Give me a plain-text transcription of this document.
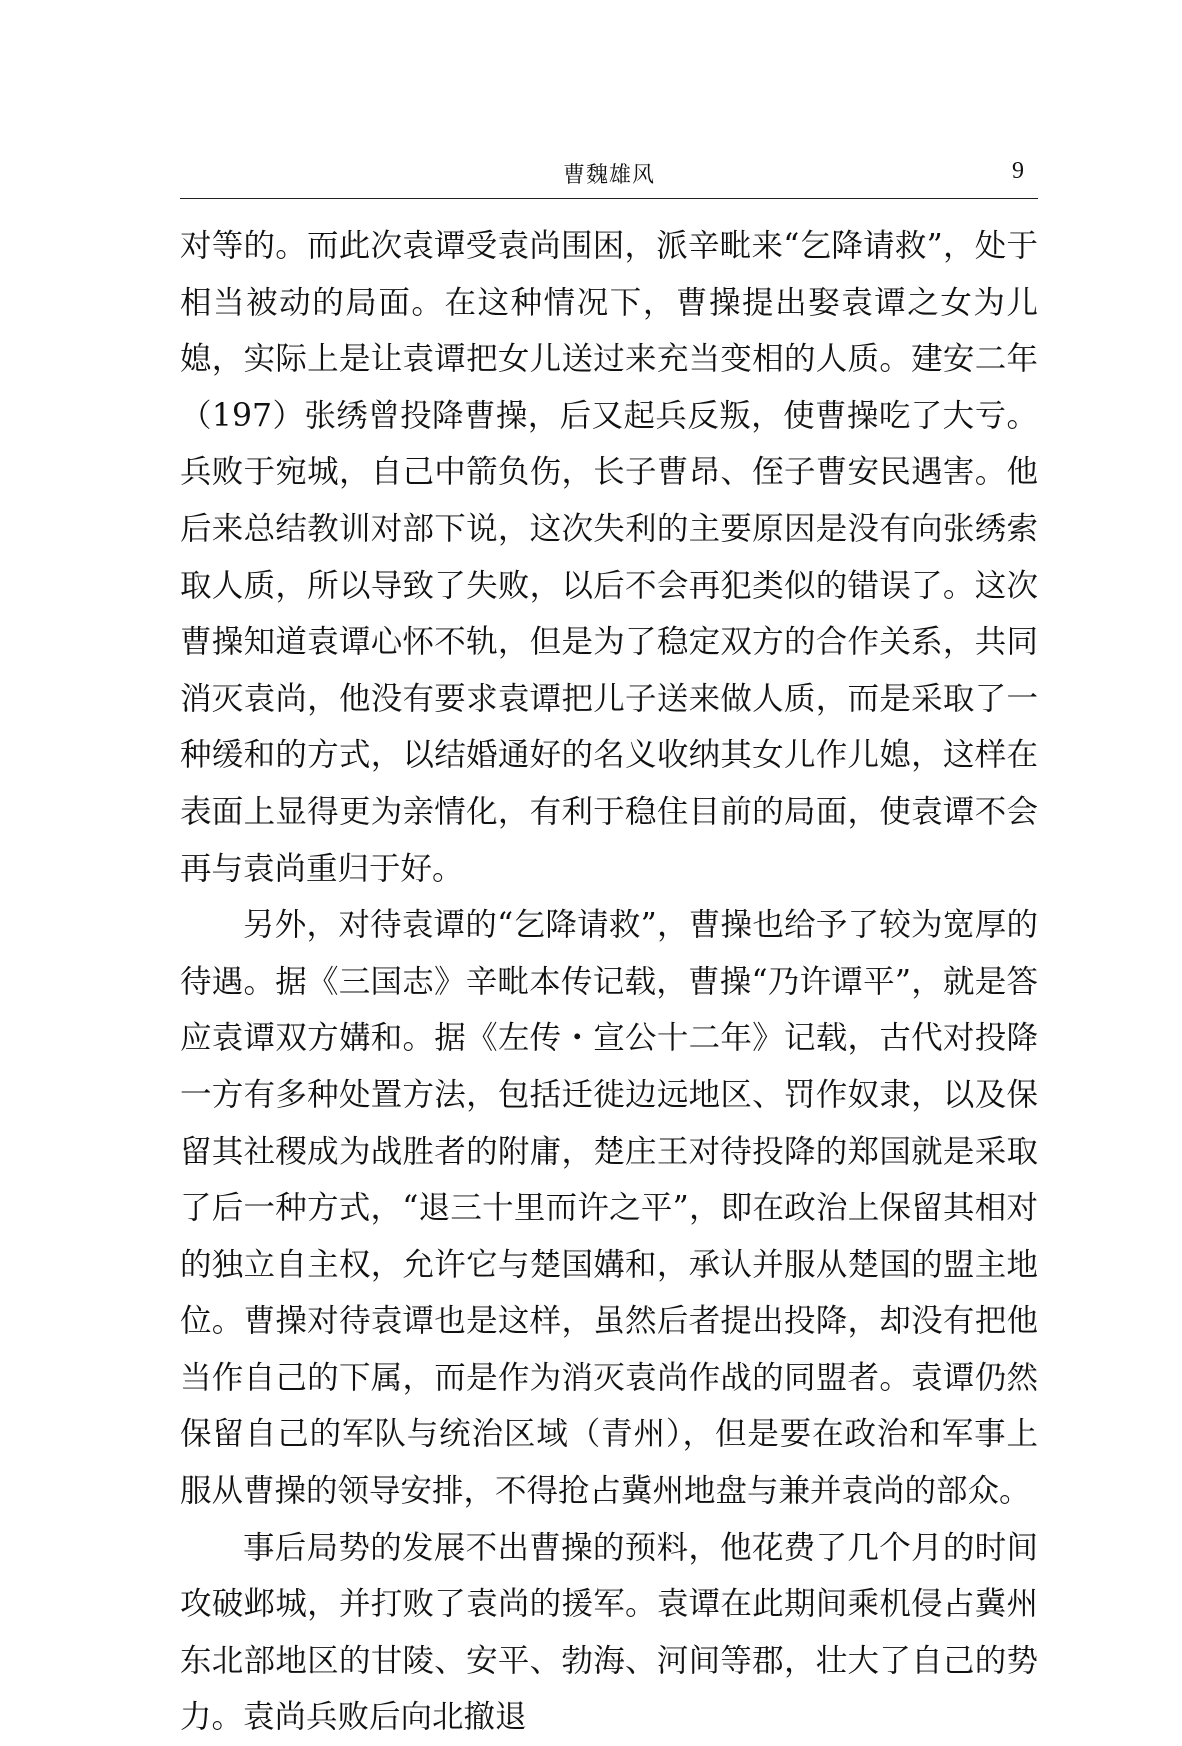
曹魏雄风	9

对等的。而此次袁谭受袁尚围困，派辛毗来“乞降请救”，处于相当被动的局面。在这种情况下，曹操提出娶袁谭之女为儿媳，实际上是让袁谭把女儿送过来充当变相的人质。建安二年（197）张绣曾投降曹操，后又起兵反叛，使曹操吃了大亏。兵败于宛城，自己中箭负伤，长子曹昂、侄子曹安民遇害。他后来总结教训对部下说，这次失利的主要原因是没有向张绣索取人质，所以导致了失败，以后不会再犯类似的错误了。这次曹操知道袁谭心怀不轨，但是为了稳定双方的合作关系，共同消灭袁尚，他没有要求袁谭把儿子送来做人质，而是采取了一种缓和的方式，以结婚通好的名义收纳其女儿作儿媳，这样在表面上显得更为亲情化，有利于稳住目前的局面，使袁谭不会再与袁尚重归于好。

另外，对待袁谭的“乞降请救”，曹操也给予了较为宽厚的待遇。据《三国志》辛毗本传记载，曹操“乃许谭平”，就是答应袁谭双方媾和。据《左传・宣公十二年》记载，古代对投降一方有多种处置方法，包括迁徙边远地区、罚作奴隶，以及保留其社稷成为战胜者的附庸，楚庄王对待投降的郑国就是采取了后一种方式，“退三十里而许之平”，即在政治上保留其相对的独立自主权，允许它与楚国媾和，承认并服从楚国的盟主地位。曹操对待袁谭也是这样，虽然后者提出投降，却没有把他当作自己的下属，而是作为消灭袁尚作战的同盟者。袁谭仍然保留自己的军队与统治区域（青州），但是要在政治和军事上服从曹操的领导安排，不得抢占冀州地盘与兼并袁尚的部众。

事后局势的发展不出曹操的预料，他花费了几个月的时间攻破邺城，并打败了袁尚的援军。袁谭在此期间乘机侵占冀州东北部地区的甘陵、安平、勃海、河间等郡，壮大了自己的势力。袁尚兵败后向北撤退
